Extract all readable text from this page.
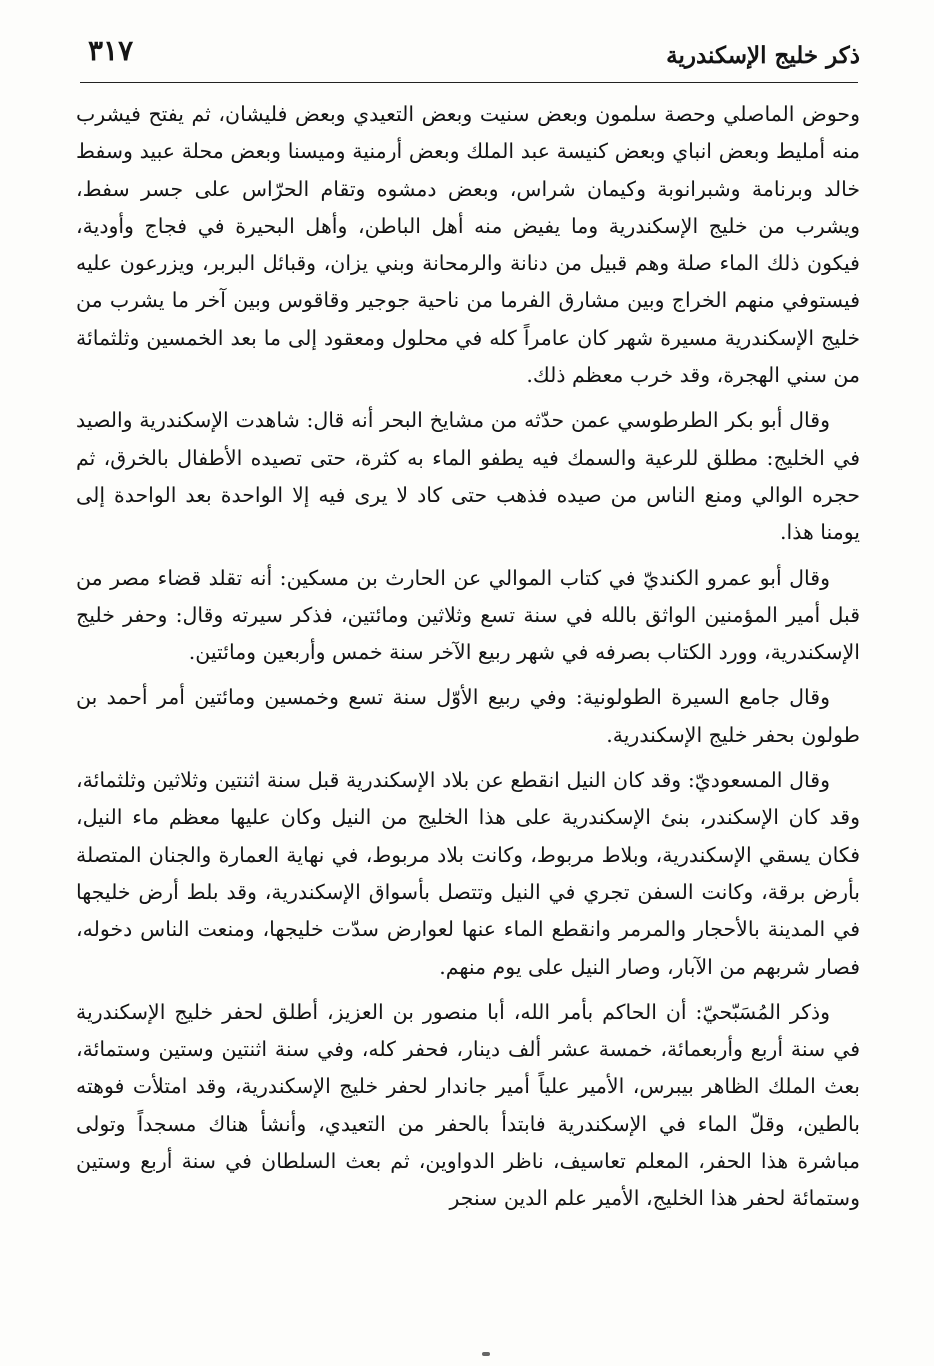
ذكر خليج الإسكندرية
٣١٧

وحوض الماصلي وحصة سلمون وبعض سنيت وبعض التعيدي وبعض فليشان، ثم يفتح فيشرب منه أمليط وبعض انباي وبعض كنيسة عبد الملك وبعض أرمنية وميسنا وبعض محلة عبيد وسفط خالد وبرنامة وشبرانوبة وكيمان شراس، وبعض دمشوه وتقام الحرّاس على جسر سفط، ويشرب من خليج الإسكندرية وما يفيض منه أهل الباطن، وأهل البحيرة في فجاج وأودية، فيكون ذلك الماء صلة وهم قبيل من دنانة والرمحانة وبني يزان، وقبائل البربر، ويزرعون عليه فيستوفي منهم الخراج وبين مشارق الفرما من ناحية جوجير وقاقوس وبين آخر ما يشرب من خليج الإسكندرية مسيرة شهر كان عامراً كله في محلول ومعقود إلى ما بعد الخمسين وثلثمائة من سني الهجرة، وقد خرب معظم ذلك.

وقال أبو بكر الطرطوسي عمن حدّثه من مشايخ البحر أنه قال: شاهدت الإسكندرية والصيد في الخليج: مطلق للرعية والسمك فيه يطفو الماء به كثرة، حتى تصيده الأطفال بالخرق، ثم حجره الوالي ومنع الناس من صيده فذهب حتى كاد لا يرى فيه إلا الواحدة بعد الواحدة إلى يومنا هذا.

وقال أبو عمرو الكنديّ في كتاب الموالي عن الحارث بن مسكين: أنه تقلد قضاء مصر من قبل أمير المؤمنين الواثق بالله في سنة تسع وثلاثين ومائتين، فذكر سيرته وقال: وحفر خليج الإسكندرية، وورد الكتاب بصرفه في شهر ربيع الآخر سنة خمس وأربعين ومائتين.

وقال جامع السيرة الطولونية: وفي ربيع الأوّل سنة تسع وخمسين ومائتين أمر أحمد بن طولون بحفر خليج الإسكندرية.

وقال المسعوديّ: وقد كان النيل انقطع عن بلاد الإسكندرية قبل سنة اثنتين وثلاثين وثلثمائة، وقد كان الإسكندر، بنئ الإسكندرية على هذا الخليج من النيل وكان عليها معظم ماء النيل، فكان يسقي الإسكندرية، وبلاط مربوط، وكانت بلاد مربوط، في نهاية العمارة والجنان المتصلة بأرض برقة، وكانت السفن تجري في النيل وتتصل بأسواق الإسكندرية، وقد بلط أرض خليجها في المدينة بالأحجار والمرمر وانقطع الماء عنها لعوارض سدّت خليجها، ومنعت الناس دخوله، فصار شربهم من الآبار، وصار النيل على يوم منهم.

وذكر المُسَبّحيّ: أن الحاكم بأمر الله، أبا منصور بن العزيز، أطلق لحفر خليج الإسكندرية في سنة أربع وأربعمائة، خمسة عشر ألف دينار، فحفر كله، وفي سنة اثنتين وستين وستمائة، بعث الملك الظاهر بيبرس، الأمير علياً أمير جاندار لحفر خليج الإسكندرية، وقد امتلأت فوهته بالطين، وقلّ الماء في الإسكندرية فابتدأ بالحفر من التعيدي، وأنشأ هناك مسجداً وتولى مباشرة هذا الحفر، المعلم تعاسيف، ناظر الدواوين، ثم بعث السلطان في سنة أربع وستين وستمائة لحفر هذا الخليج، الأمير علم الدين سنجر
